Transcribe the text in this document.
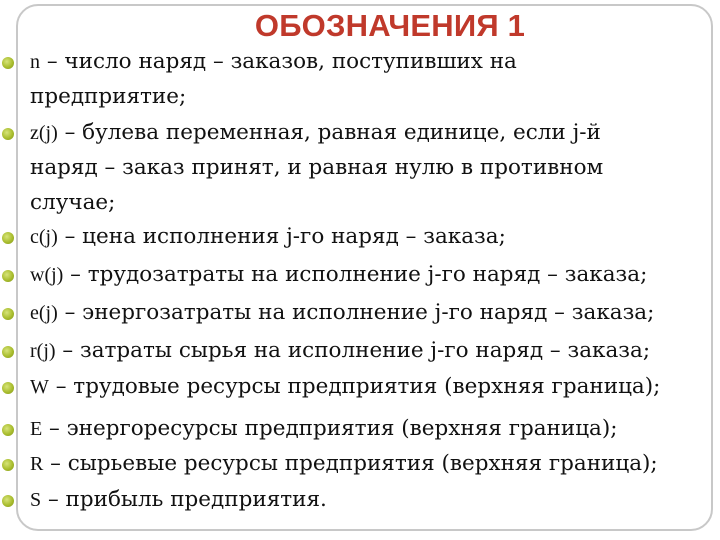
ОБОЗНАЧЕНИЯ 1
n – число наряд – заказов, поступивших на
предприятие;
z(j) – булева переменная, равная единице, если j-й
наряд – заказ принят, и равная нулю в противном
случае;
c(j) – цена исполнения j-го наряд – заказа;
w(j) – трудозатраты на исполнение j-го наряд – заказа;
e(j) – энергозатраты на исполнение j-го наряд – заказа;
r(j) – затраты сырья на исполнение j-го наряд – заказа;
W – трудовые ресурсы предприятия (верхняя граница);
E – энергоресурсы предприятия (верхняя граница);
R – сырьевые ресурсы предприятия (верхняя граница);
S – прибыль предприятия.
